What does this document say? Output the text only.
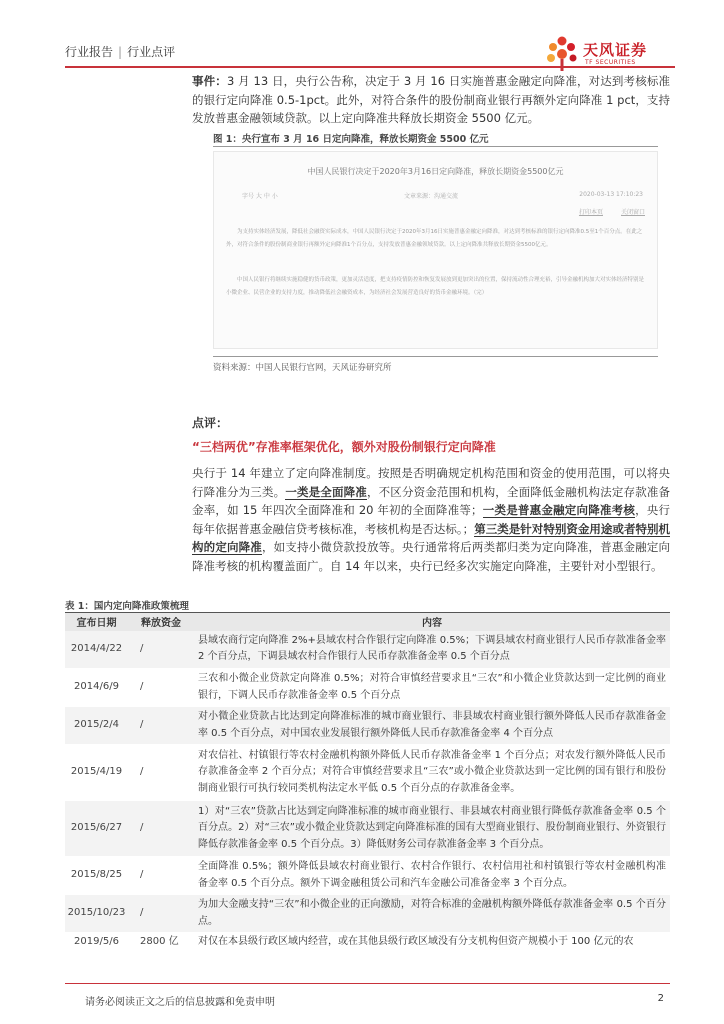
行业报告 | 行业点评	天风证券
TF SECURITIES
事件：3 月 13 日，央行公告称，决定于 3 月 16 日实施普惠金融定向降准，对达到考核标准的银行定向降准 0.5-1pct。此外，对符合条件的股份制商业银行再额外定向降准 1 pct，支持发放普惠金融领域贷款。以上定向降准共释放长期资金 5500 亿元。
图 1：央行宣布 3 月 16 日定向降准，释放长期资金 5500 亿元
中国人民银行决定于2020年3月16日定向降准，释放长期资金5500亿元
字号 大 中 小	文章来源：沟通交流	2020-03-13 17:10:23
打印本页	关闭窗口
为支持实体经济发展，降低社会融资实际成本，中国人民银行决定于2020年3月16日实施普惠金融定向降准，对达到考核标准的银行定向降准0.5至1个百分点。在此之外，对符合条件的股份制商业银行再额外定向降准1个百分点，支持发放普惠金融领域贷款。以上定向降准共释放长期资金5500亿元。
中国人民银行将继续实施稳健的货币政策，更加灵活适度，把支持疫情防控和恢复发展放到更加突出的位置，保持流动性合理充裕，引导金融机构加大对实体经济特别是小微企业、民营企业的支持力度，推动降低社会融资成本，为经济社会发展营造良好的货币金融环境。（完）
资料来源：中国人民银行官网，天风证券研究所
点评：
“三档两优”存准率框架优化，额外对股份制银行定向降准
央行于 14 年建立了定向降准制度。按照是否明确规定机构范围和资金的使用范围，可以将央行降准分为三类。一类是全面降准，不区分资金范围和机构，全面降低金融机构法定存款准备金率，如 15 年四次全面降准和 20 年初的全面降准等；一类是普惠金融定向降准考核，央行每年依据普惠金融信贷考核标准，考核机构是否达标。；第三类是针对特别资金用途或者特别机构的定向降准，如支持小微贷款投放等。央行通常将后两类都归类为定向降准，普惠金融定向降准考核的机构覆盖面广。自 14 年以来，央行已经多次实施定向降准，主要针对小型银行。
表 1：国内定向降准政策梳理
宣布日期	释放资金	内容
2014/4/22	/	县域农商行定向降准 2%+县域农村合作银行定向降准 0.5%；下调县域农村商业银行人民币存款准备金率 2 个百分点，下调县域农村合作银行人民币存款准备金率 0.5 个百分点
2014/6/9	/	三农和小微企业贷款定向降准 0.5%；对符合审慎经营要求且“三农”和小微企业贷款达到一定比例的商业银行，下调人民币存款准备金率 0.5 个百分点
2015/2/4	/	对小微企业贷款占比达到定向降准标准的城市商业银行、非县域农村商业银行额外降低人民币存款准备金率 0.5 个百分点，对中国农业发展银行额外降低人民币存款准备金率 4 个百分点
2015/4/19	/	对农信社、村镇银行等农村金融机构额外降低人民币存款准备金率 1 个百分点；对农发行额外降低人民币存款准备金率 2 个百分点；对符合审慎经营要求且“三农”或小微企业贷款达到一定比例的国有银行和股份制商业银行可执行较同类机构法定水平低 0.5 个百分点的存款准备金率。
2015/6/27	/	1）对“三农”贷款占比达到定向降准标准的城市商业银行、非县域农村商业银行降低存款准备金率 0.5 个百分点。2）对“三农”或小微企业贷款达到定向降准标准的国有大型商业银行、股份制商业银行、外资银行降低存款准备金率 0.5 个百分点。3）降低财务公司存款准备金率 3 个百分点。
2015/8/25	/	全面降准 0.5%；额外降低县域农村商业银行、农村合作银行、农村信用社和村镇银行等农村金融机构准备金率 0.5 个百分点。额外下调金融租赁公司和汽车金融公司准备金率 3 个百分点。
2015/10/23	/	为加大金融支持“三农”和小微企业的正向激励，对符合标准的金融机构额外降低存款准备金率 0.5 个百分点。
2019/5/6	2800 亿	对仅在本县级行政区域内经营，或在其他县级行政区域没有分支机构但资产规模小于 100 亿元的农
请务必阅读正文之后的信息披露和免责申明	2
